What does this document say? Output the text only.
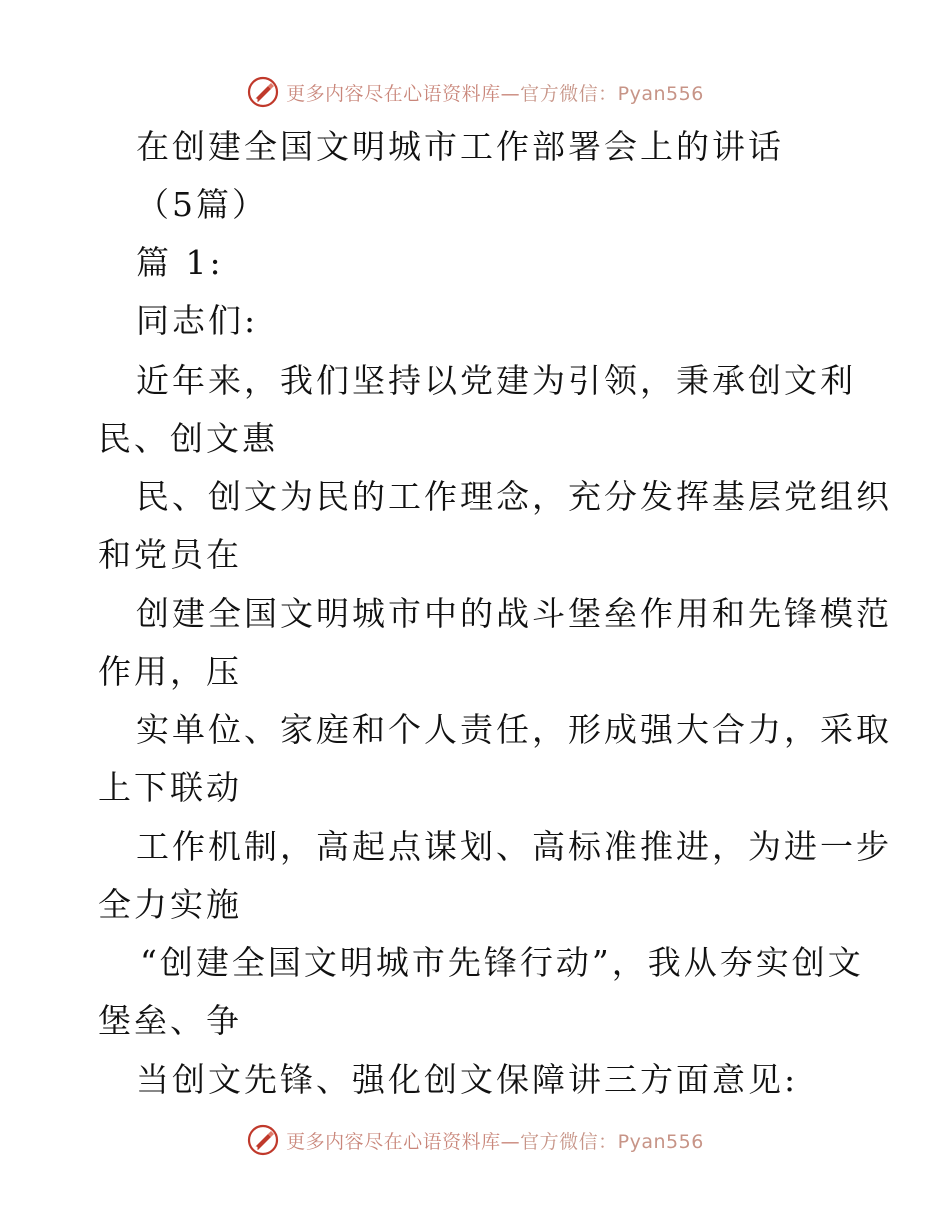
更多内容尽在心语资料库—官方微信：Pyan556
在创建全国文明城市工作部署会上的讲话
（5篇）
篇 1:
同志们:
近年来，我们坚持以党建为引领，秉承创文利
民、创文惠
民、创文为民的工作理念，充分发挥基层党组织
和党员在
创建全国文明城市中的战斗堡垒作用和先锋模范
作用，压
实单位、家庭和个人责任，形成强大合力，采取
上下联动
工作机制，高起点谋划、高标准推进，为进一步
全力实施
“创建全国文明城市先锋行动”，我从夯实创文
堡垒、争
当创文先锋、强化创文保障讲三方面意见:
更多内容尽在心语资料库—官方微信：Pyan556
